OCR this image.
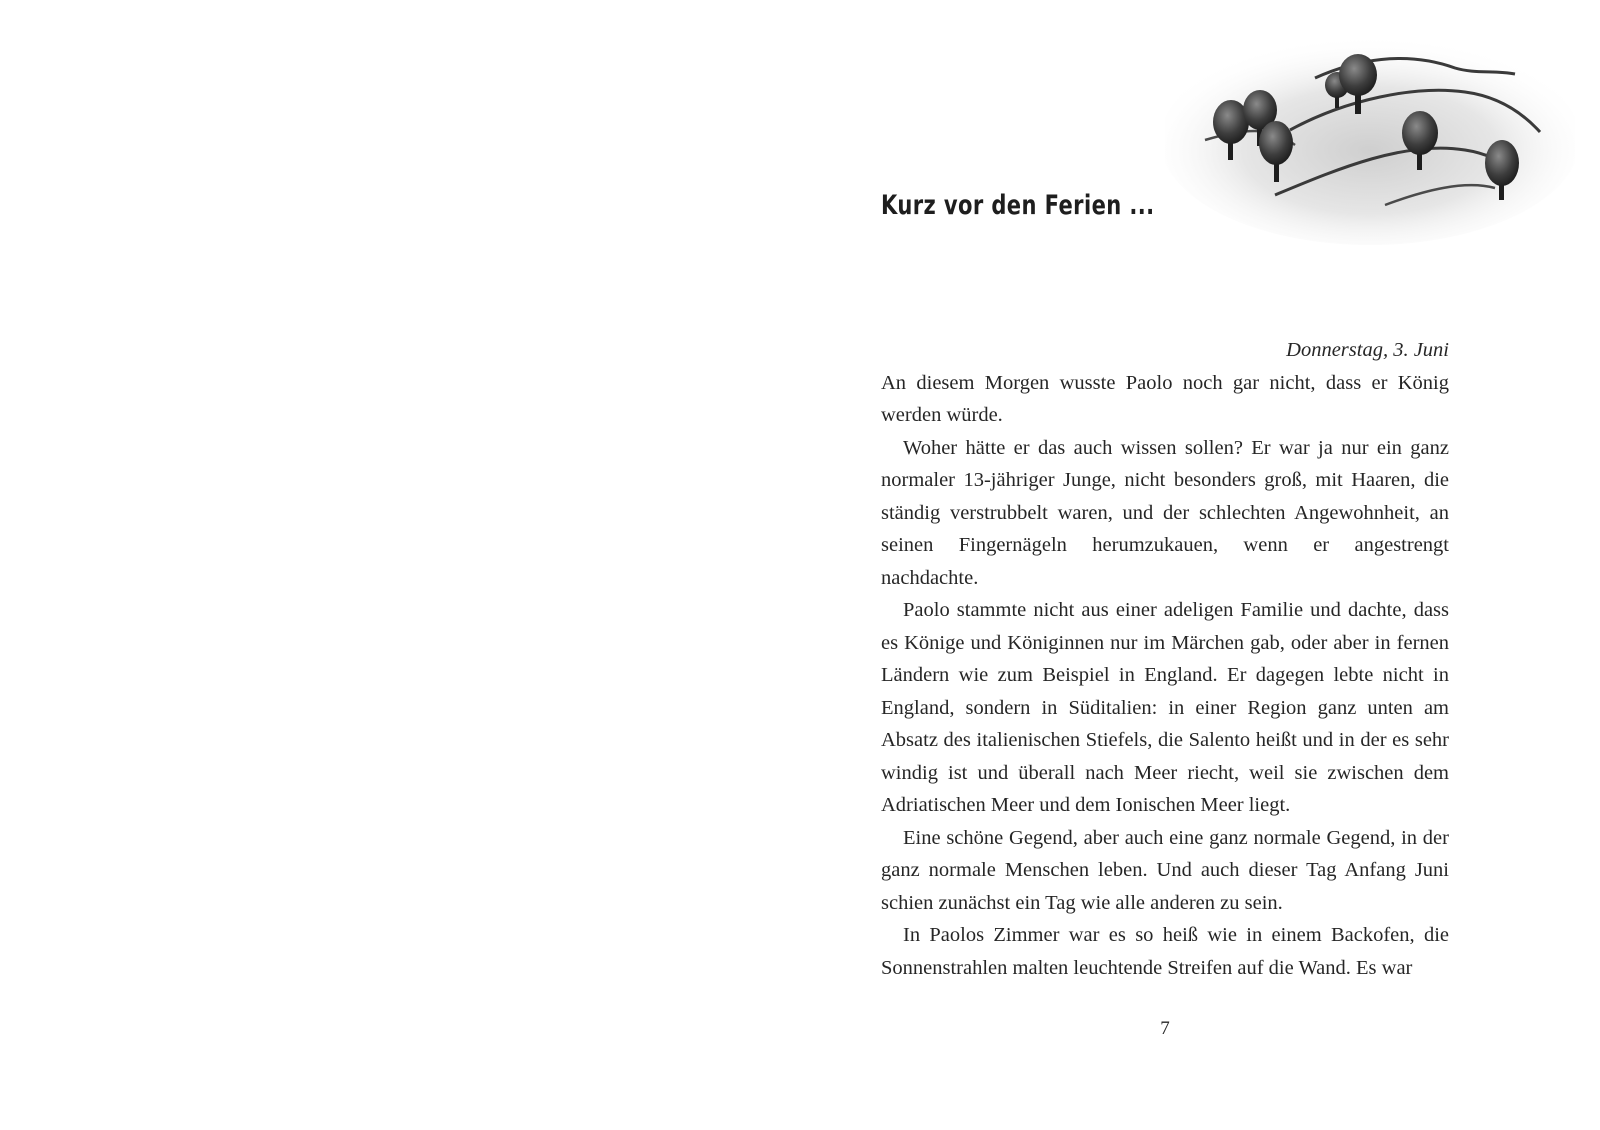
Kurz vor den Ferien ...
Donnerstag, 3. Juni

An diesem Morgen wusste Paolo noch gar nicht, dass er König werden würde.

Woher hätte er das auch wissen sollen? Er war ja nur ein ganz normaler 13-jähriger Junge, nicht besonders groß, mit Haaren, die ständig verstrubbelt waren, und der schlechten Angewohnheit, an seinen Fingernägeln herumzukauen, wenn er angestrengt nachdachte.

Paolo stammte nicht aus einer adeligen Familie und dachte, dass es Könige und Königinnen nur im Märchen gab, oder aber in fernen Ländern wie zum Beispiel in England. Er dagegen lebte nicht in England, sondern in Süditalien: in einer Region ganz unten am Absatz des italienischen Stiefels, die Salento heißt und in der es sehr windig ist und überall nach Meer riecht, weil sie zwischen dem Adriatischen Meer und dem Ionischen Meer liegt.

Eine schöne Gegend, aber auch eine ganz normale Gegend, in der ganz normale Menschen leben. Und auch dieser Tag Anfang Juni schien zunächst ein Tag wie alle anderen zu sein.

In Paolos Zimmer war es so heiß wie in einem Backofen, die Sonnenstrahlen malten leuchtende Streifen auf die Wand. Es war

7
